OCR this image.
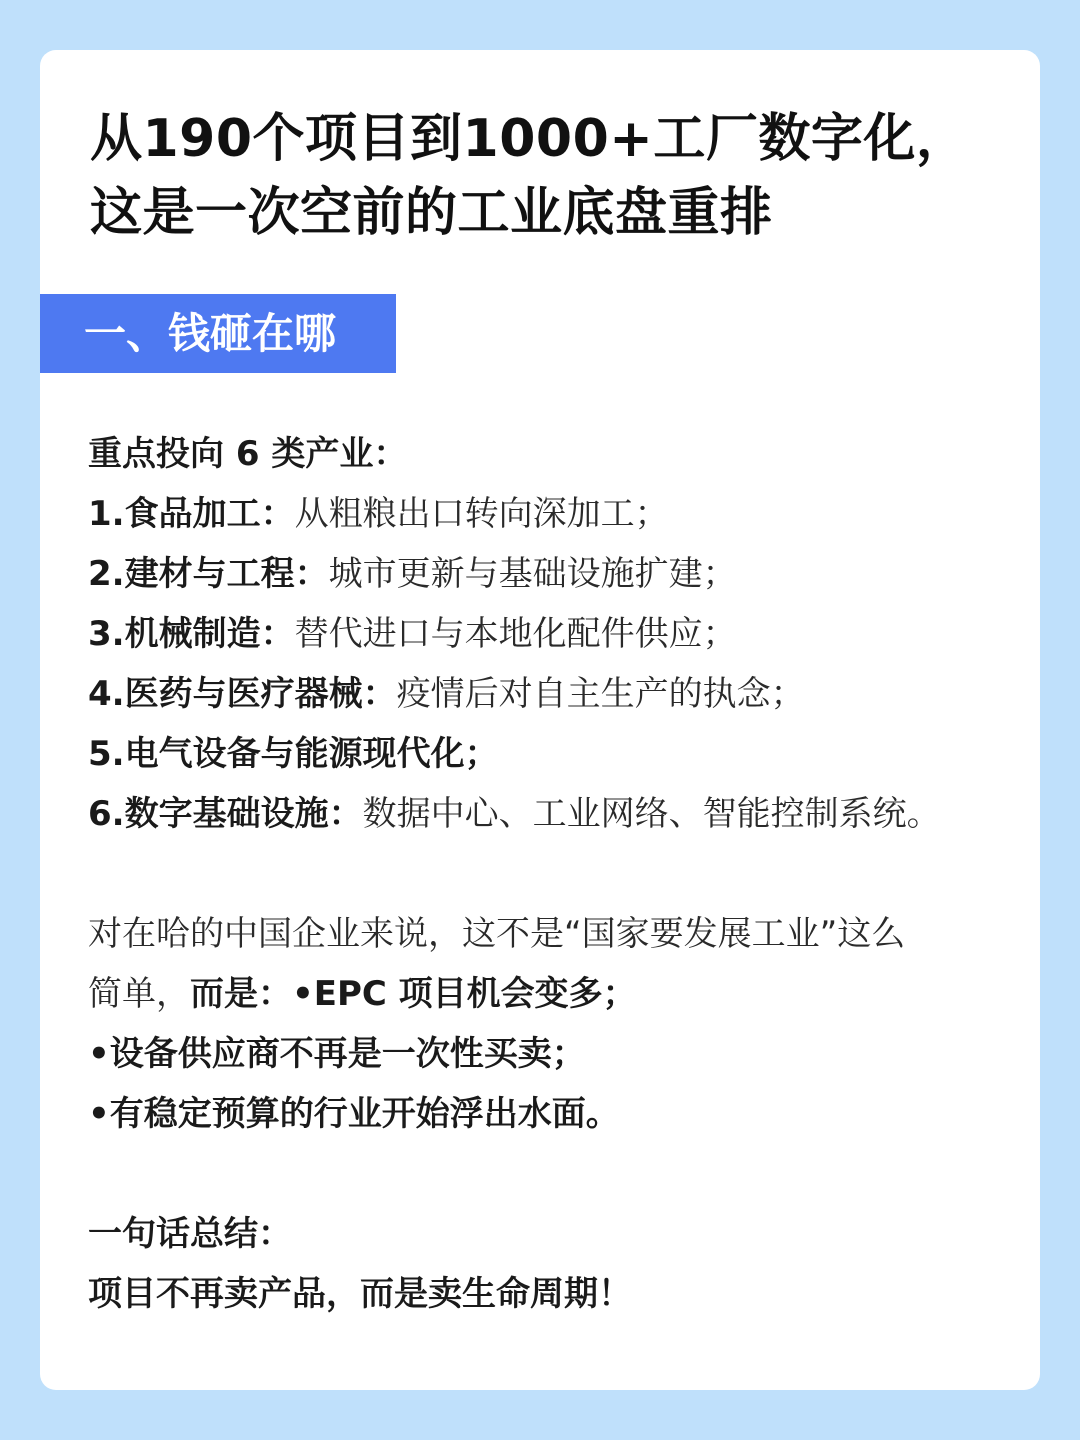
从190个项目到1000+工厂数字化，
这是一次空前的工业底盘重排
一、钱砸在哪
重点投向 6 类产业：
1.食品加工：从粗粮出口转向深加工；
2.建材与工程：城市更新与基础设施扩建；
3.机械制造：替代进口与本地化配件供应；
4.医药与医疗器械：疫情后对自主生产的执念；
5.电气设备与能源现代化；
6.数字基础设施：数据中心、工业网络、智能控制系统。
对在哈的中国企业来说，这不是“国家要发展工业”这么
简单，而是：•EPC 项目机会变多；
•设备供应商不再是一次性买卖；
•有稳定预算的行业开始浮出水面。
一句话总结：
项目不再卖产品，而是卖生命周期！
